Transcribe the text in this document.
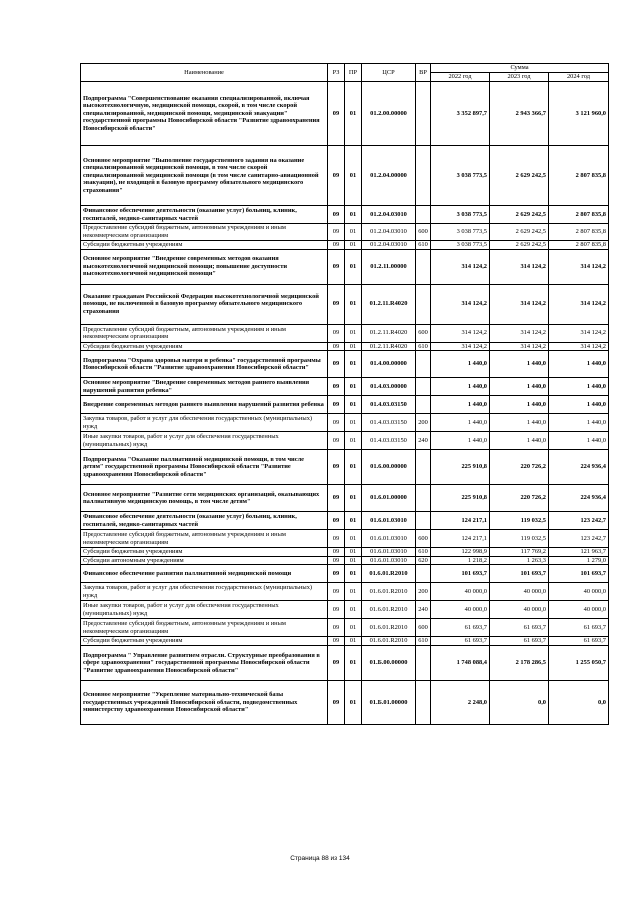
Наименование	РЗ	ПР	ЦСР	ВР	Сумма		
					2022 год	2023 год	2024 год
Подпрограмма "Совершенствование оказания специализированной, включая высокотехнологичную, медицинской помощи, скорой, в том числе скорой специализированной, медицинской помощи, медицинской эвакуации" государственной программы Новосибирской области "Развитие здравоохранения Новосибирской области"	09	01	01.2.00.00000		3 352 897,7	2 943 366,7	3 121 960,0
Основное мероприятие "Выполнение государственного задания на оказание специализированной медицинской помощи, в том числе скорой специализированной медицинской помощи (в том числе санитарно-авиационной эвакуации), не входящей в базовую программу обязательного медицинского страхования"	09	01	01.2.04.00000		3 038 773,5	2 629 242,5	2 807 835,8
Финансовое обеспечение деятельности (оказание услуг) больниц, клиник, госпиталей, медико-санитарных частей	09	01	01.2.04.03010		3 038 773,5	2 629 242,5	2 807 835,8
Предоставление субсидий бюджетным, автономным учреждениям и иным некоммерческим организациям	09	01	01.2.04.03010	600	3 038 773,5	2 629 242,5	2 807 835,8
Субсидии бюджетным учреждениям	09	01	01.2.04.03010	610	3 038 773,5	2 629 242,5	2 807 835,8
Основное мероприятие "Внедрение современных методов оказания высокотехнологичной медицинской помощи; повышение доступности высокотехнологичной медицинской помощи"	09	01	01.2.11.00000		314 124,2	314 124,2	314 124,2
Оказание гражданам Российской Федерации высокотехнологичной медицинской помощи, не включенной в базовую программу обязательного медицинского страхования	09	01	01.2.11.R4020		314 124,2	314 124,2	314 124,2
Предоставление субсидий бюджетным, автономным учреждениям и иным некоммерческим организациям	09	01	01.2.11.R4020	600	314 124,2	314 124,2	314 124,2
Субсидии бюджетным учреждениям	09	01	01.2.11.R4020	610	314 124,2	314 124,2	314 124,2
Подпрограмма "Охрана здоровья матери и ребенка" государственной программы Новосибирской области "Развитие здравоохранения Новосибирской области"	09	01	01.4.00.00000		1 440,0	1 440,0	1 440,0
Основное мероприятие "Внедрение современных методов раннего выявления нарушений развития ребенка"	09	01	01.4.03.00000		1 440,0	1 440,0	1 440,0
Внедрение современных методов раннего выявления нарушений развития ребенка	09	01	01.4.03.03150		1 440,0	1 440,0	1 440,0
Закупка товаров, работ и услуг для обеспечения государственных (муниципальных) нужд	09	01	01.4.03.03150	200	1 440,0	1 440,0	1 440,0
Иные закупки товаров, работ и услуг для обеспечения государственных (муниципальных) нужд	09	01	01.4.03.03150	240	1 440,0	1 440,0	1 440,0
Подпрограмма "Оказание паллиативной медицинской помощи, в том числе детям" государственной программы Новосибирской области "Развитие здравоохранения Новосибирской области"	09	01	01.6.00.00000		225 910,8	220 726,2	224 936,4
Основное мероприятие "Развитие сети медицинских организаций, оказывающих паллиативную медицинскую помощь, в том числе детям"	09	01	01.6.01.00000		225 910,8	220 726,2	224 936,4
Финансовое обеспечение деятельности (оказание услуг) больниц, клиник, госпиталей, медико-санитарных частей	09	01	01.6.01.03010		124 217,1	119 032,5	123 242,7
Предоставление субсидий бюджетным, автономным учреждениям и иным некоммерческим организациям	09	01	01.6.01.03010	600	124 217,1	119 032,5	123 242,7
Субсидии бюджетным учреждениям	09	01	01.6.01.03010	610	122 998,9	117 769,2	121 963,7
Субсидии автономным учреждениям	09	01	01.6.01.03010	620	1 218,2	1 263,3	1 279,0
Финансовое обеспечение развития паллиативной медицинской помощи	09	01	01.6.01.R2010		101 693,7	101 693,7	101 693,7
Закупка товаров, работ и услуг для обеспечения государственных (муниципальных) нужд	09	01	01.6.01.R2010	200	40 000,0	40 000,0	40 000,0
Иные закупки товаров, работ и услуг для обеспечения государственных (муниципальных) нужд	09	01	01.6.01.R2010	240	40 000,0	40 000,0	40 000,0
Предоставление субсидий бюджетным, автономным учреждениям и иным некоммерческим организациям	09	01	01.6.01.R2010	600	61 693,7	61 693,7	61 693,7
Субсидии бюджетным учреждениям	09	01	01.6.01.R2010	610	61 693,7	61 693,7	61 693,7
Подпрограмма " Управление развитием отрасли. Структурные преобразования в сфере здравоохранения" государственной программы Новосибирской области "Развитие здравоохранения Новосибирской области"	09	01	01.Б.00.00000		1 748 088,4	2 178 286,5	1 255 050,7
Основное мероприятие "Укрепление материально-технической базы государственных учреждений Новосибирской области, подведомственных министерству здравоохранения Новосибирской области"	09	01	01.Б.01.00000		2 248,0	0,0	0,0
Страница 88 из 134
